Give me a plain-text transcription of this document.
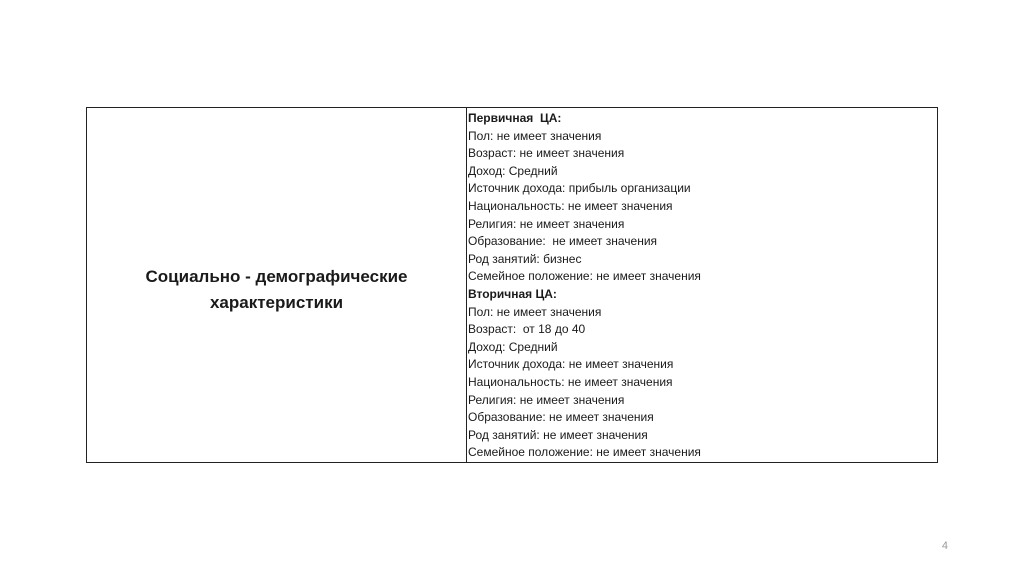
Социально - демографические
характеристики
Первичная  ЦА:
Пол: не имеет значения
Возраст: не имеет значения
Доход: Средний
Источник дохода: прибыль организации
Национальность: не имеет значения
Религия: не имеет значения
Образование:  не имеет значения
Род занятий: бизнес
Семейное положение: не имеет значения
Вторичная ЦА:
Пол: не имеет значения
Возраст:  от 18 до 40
Доход: Средний
Источник дохода: не имеет значения
Национальность: не имеет значения
Религия: не имеет значения
Образование: не имеет значения
Род занятий: не имеет значения
Семейное положение: не имеет значения
4
